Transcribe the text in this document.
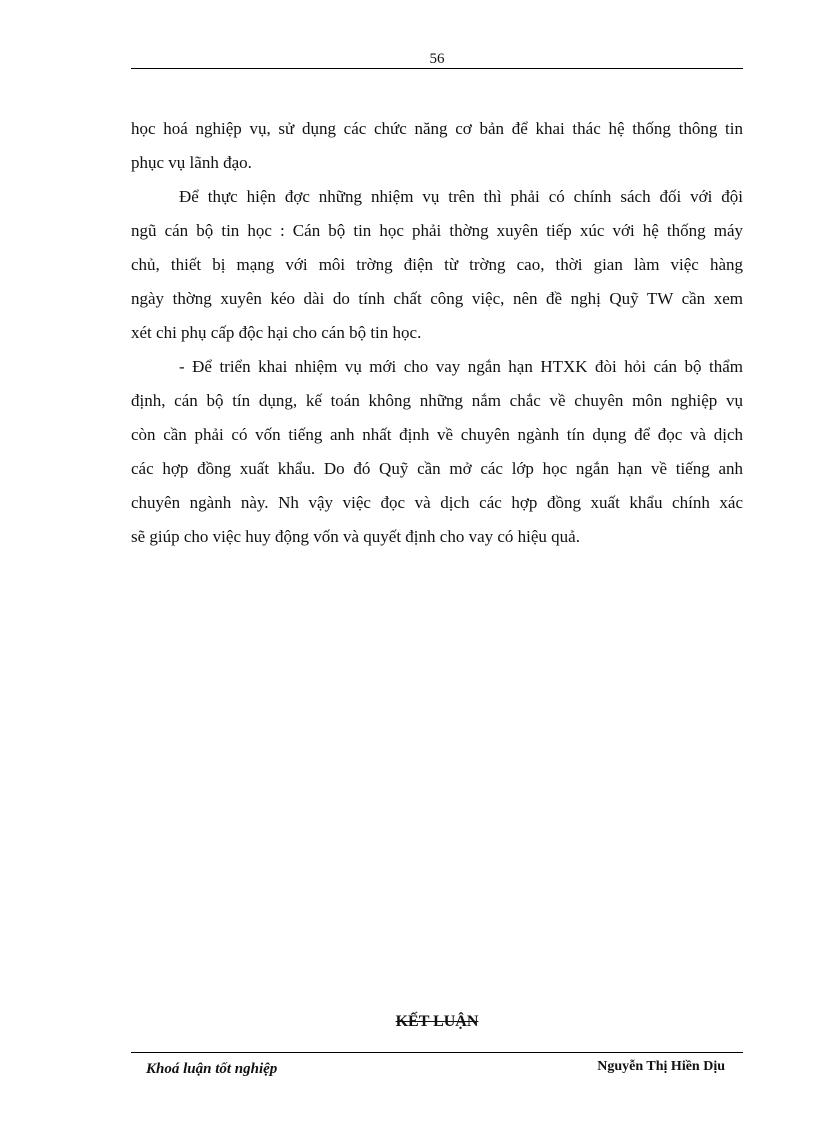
56
học hoá nghiệp vụ, sử dụng các chức năng cơ bản để khai thác hệ thống thông tin
phục vụ lãnh đạo.
Để thực hiện đợc những nhiệm vụ trên thì phải có chính sách đối với đội
ngũ cán bộ tin học : Cán bộ tin học phải thờng xuyên tiếp xúc với hệ thống máy
chủ, thiết bị mạng với môi trờng điện từ trờng cao, thời gian làm việc hàng
ngày thờng xuyên kéo dài do tính chất công việc, nên đề nghị Quỹ TW cần xem
xét chi phụ cấp độc hại cho cán bộ tin học.
- Để triển khai nhiệm vụ mới cho vay ngắn hạn HTXK đòi hỏi cán bộ thẩm
định, cán bộ tín dụng, kế toán không những nắm chắc về chuyên môn nghiệp vụ
còn cần phải có vốn tiếng anh nhất định về chuyên ngành tín dụng để đọc và dịch
các hợp đồng xuất khẩu. Do đó Quỹ cần mở các lớp học ngắn hạn về tiếng anh
chuyên ngành này. Nh vậy việc đọc và dịch các hợp đồng xuất khẩu chính xác
sẽ giúp cho việc huy động vốn và quyết định cho vay có hiệu quả.
KẾT LUẬN
Khoá luận tốt nghiệp	Nguyễn Thị Hiền Dịu
